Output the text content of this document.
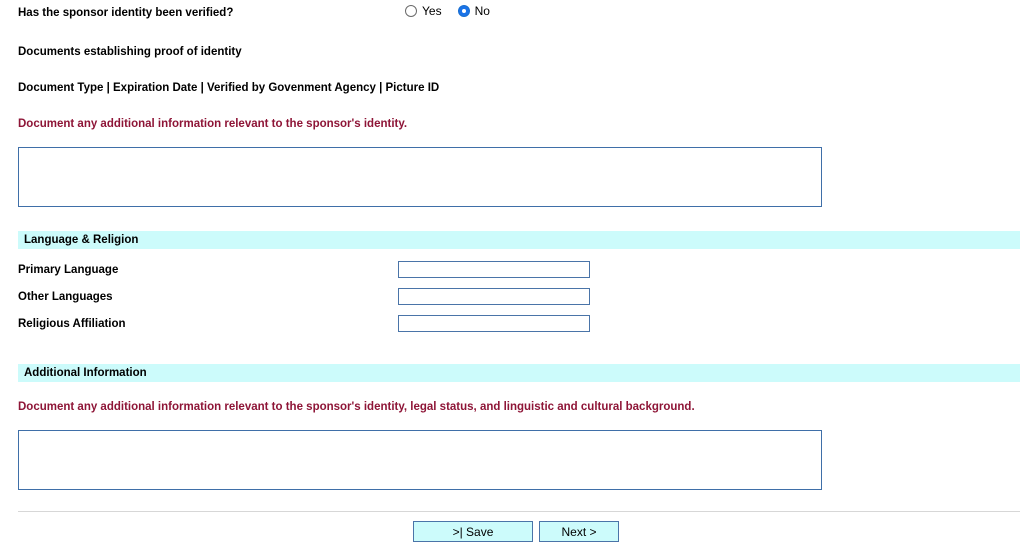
Has the sponsor identity been verified?	Yes	No
Documents establishing proof of identity
Document Type | Expiration Date | Verified by Govenment Agency | Picture ID
Document any additional information relevant to the sponsor's identity.
Language & Religion
Primary Language
Other Languages
Religious Affiliation
Additional Information
Document any additional information relevant to the sponsor's identity, legal status, and linguistic and cultural background.
>| Save	Next >
